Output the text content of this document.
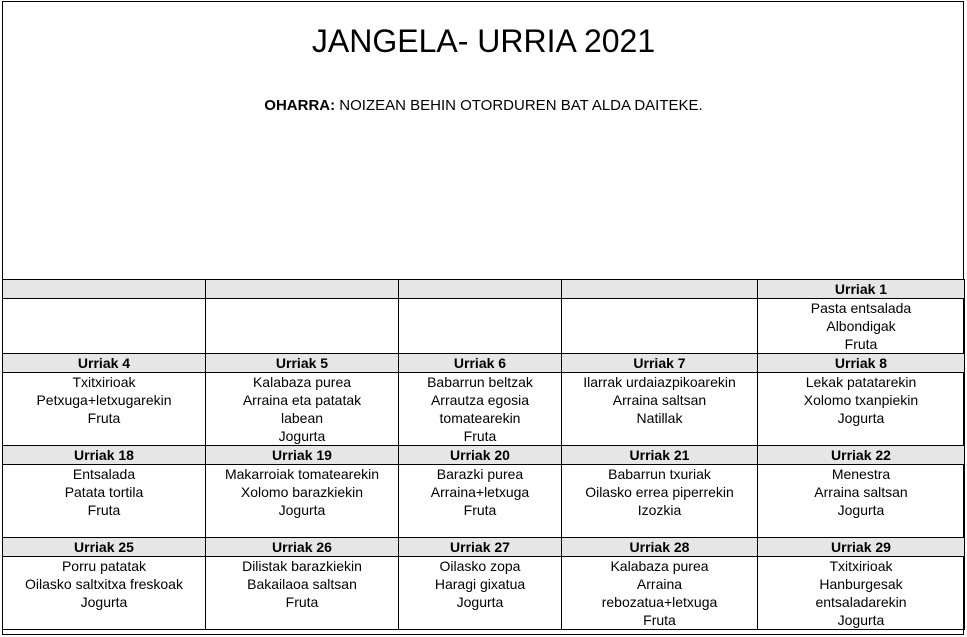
JANGELA- URRIA 2021
OHARRA: NOIZEAN BEHIN OTORDUREN BAT ALDA DAITEKE.
				Urriak 1

				Pasta entsalada
Albondigak
Fruta

Urriak 4	Urriak 5	Urriak 6	Urriak 7	Urriak 8

Txitxirioak
Petxuga+letxugarekin
Fruta	Kalabaza purea
Arraina eta patatak
labean
Jogurta	Babarrun beltzak
Arrautza egosia
tomatearekin
Fruta	Ilarrak urdaiazpikoarekin
Arraina saltsan
Natillak	Lekak patatarekin
Xolomo txanpiekin
Jogurta

Urriak 18	Urriak 19	Urriak 20	Urriak 21	Urriak 22

Entsalada
Patata tortila
Fruta	Makarroiak tomatearekin
Xolomo barazkiekin
Jogurta	Barazki purea
Arraina+letxuga
Fruta	Babarrun txuriak
Oilasko errea piperrekin
Izozkia	Menestra
Arraina saltsan
Jogurta

Urriak 25	Urriak 26	Urriak 27	Urriak 28	Urriak 29

Porru patatak
Oilasko saltxitxa freskoak
Jogurta	Dilistak barazkiekin
Bakailaoa saltsan
Fruta	Oilasko zopa
Haragi gixatua
Jogurta	Kalabaza purea
Arraina
rebozatua+letxuga
Fruta	Txitxirioak
Hanburgesak
entsaladarekin
Jogurta
